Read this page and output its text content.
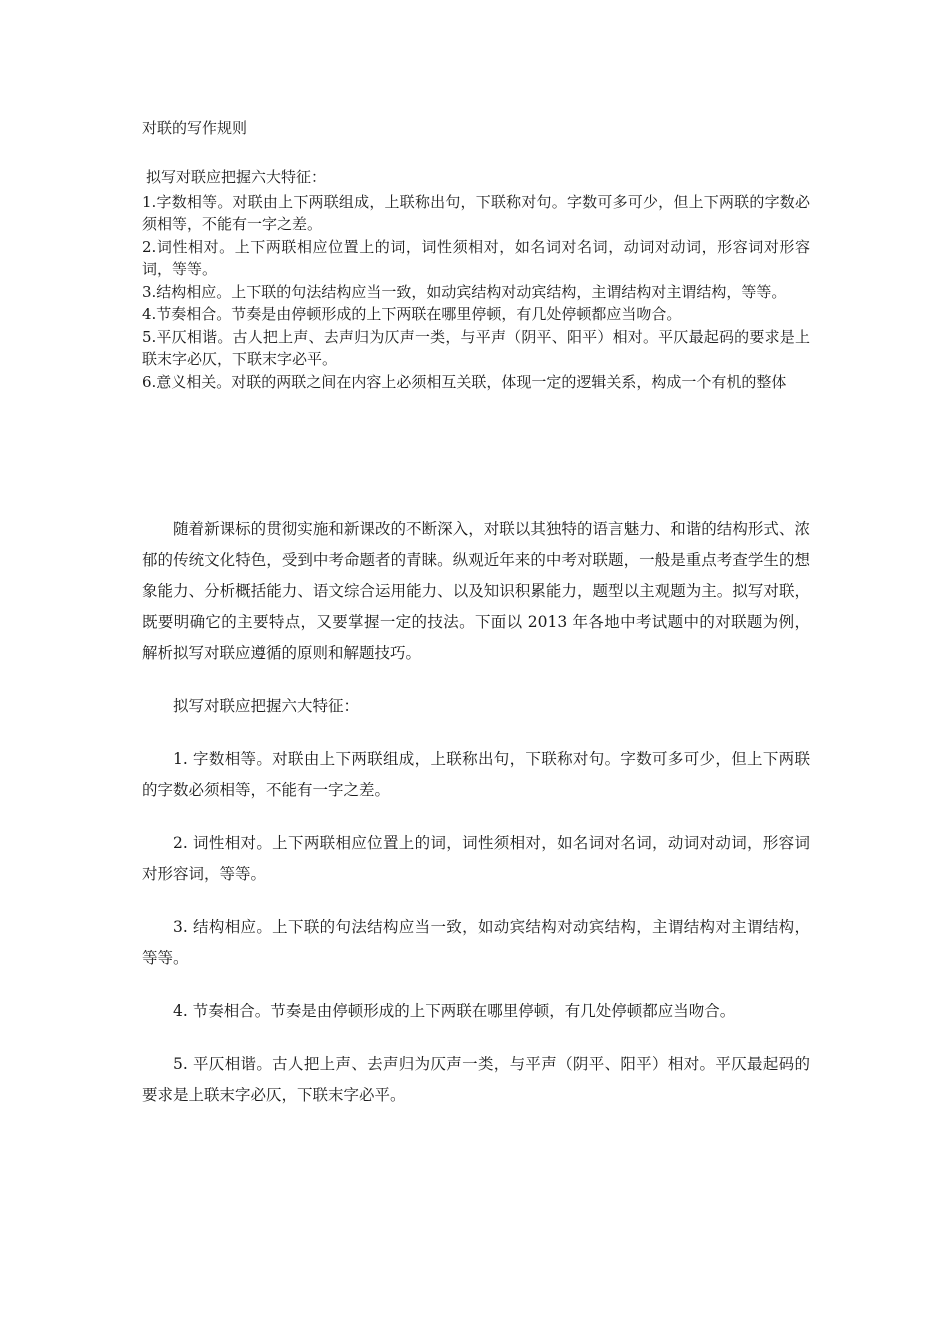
对联的写作规则

拟写对联应把握六大特征：

1.字数相等。对联由上下两联组成，上联称出句，下联称对句。字数可多可少，但上下两联的字数必须相等，不能有一字之差。

2.词性相对。上下两联相应位置上的词，词性须相对，如名词对名词，动词对动词，形容词对形容词，等等。

3.结构相应。上下联的句法结构应当一致，如动宾结构对动宾结构，主谓结构对主谓结构，等等。

4.节奏相合。节奏是由停顿形成的上下两联在哪里停顿，有几处停顿都应当吻合。

5.平仄相谐。古人把上声、去声归为仄声一类，与平声（阴平、阳平）相对。平仄最起码的要求是上联末字必仄，下联末字必平。

6.意义相关。对联的两联之间在内容上必须相互关联，体现一定的逻辑关系，构成一个有机的整体

随着新课标的贯彻实施和新课改的不断深入，对联以其独特的语言魅力、和谐的结构形式、浓郁的传统文化特色，受到中考命题者的青睐。纵观近年来的中考对联题，一般是重点考查学生的想象能力、分析概括能力、语文综合运用能力、以及知识积累能力，题型以主观题为主。拟写对联，既要明确它的主要特点，又要掌握一定的技法。下面以 2013 年各地中考试题中的对联题为例，解析拟写对联应遵循的原则和解题技巧。

拟写对联应把握六大特征：

1. 字数相等。对联由上下两联组成，上联称出句，下联称对句。字数可多可少，但上下两联的字数必须相等，不能有一字之差。

2. 词性相对。上下两联相应位置上的词，词性须相对，如名词对名词，动词对动词，形容词对形容词，等等。

3. 结构相应。上下联的句法结构应当一致，如动宾结构对动宾结构，主谓结构对主谓结构，等等。

4. 节奏相合。节奏是由停顿形成的上下两联在哪里停顿，有几处停顿都应当吻合。

5. 平仄相谐。古人把上声、去声归为仄声一类，与平声（阴平、阳平）相对。平仄最起码的要求是上联末字必仄，下联末字必平。
